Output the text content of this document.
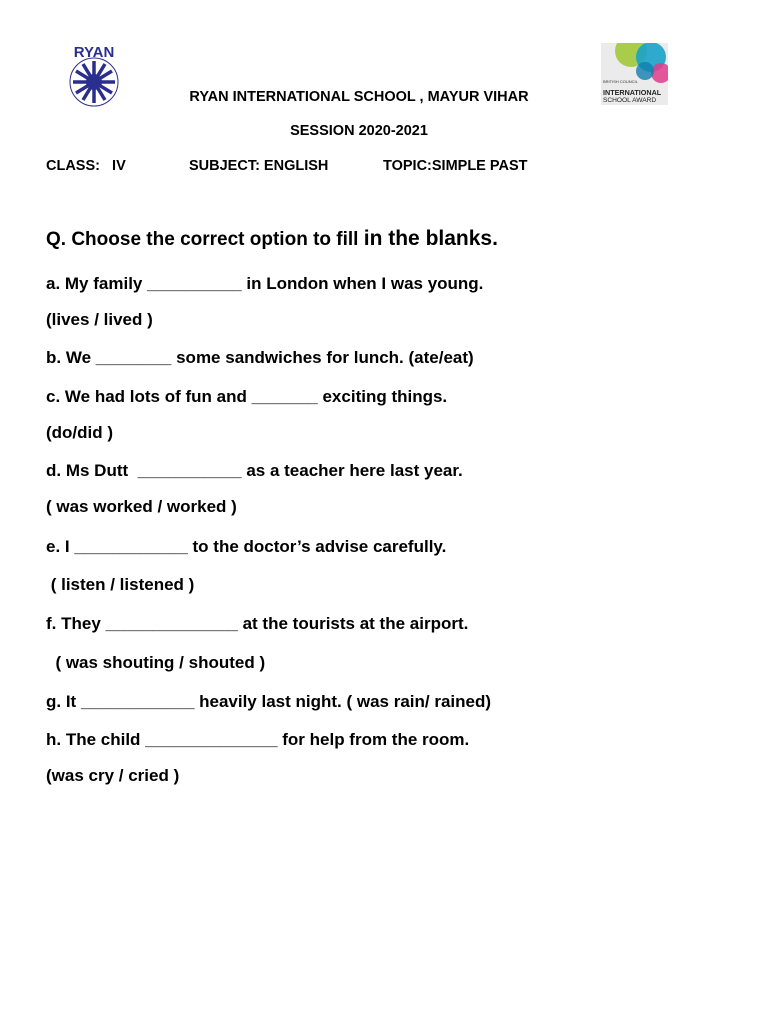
RYAN
BRITISH COUNCIL
INTERNATIONAL
SCHOOL AWARD
RYAN INTERNATIONAL SCHOOL , MAYUR VIHAR
SESSION 2020-2021
CLASS:   IV	SUBJECT: ENGLISH	TOPIC:SIMPLE PAST
Q. Choose the correct option to fill in the blanks.
a. My family __________ in London when I was young.
(lives / lived )
b. We ________ some sandwiches for lunch. (ate/eat)
c. We had lots of fun and _______ exciting things.
(do/did )
d. Ms Dutt  ___________ as a teacher here last year.
( was worked / worked )
e. I ____________ to the doctor’s advise carefully.
( listen / listened )
f. They ______________ at the tourists at the airport.
( was shouting / shouted )
g. It ____________ heavily last night. ( was rain/ rained)
h. The child ______________ for help from the room.
(was cry / cried )
